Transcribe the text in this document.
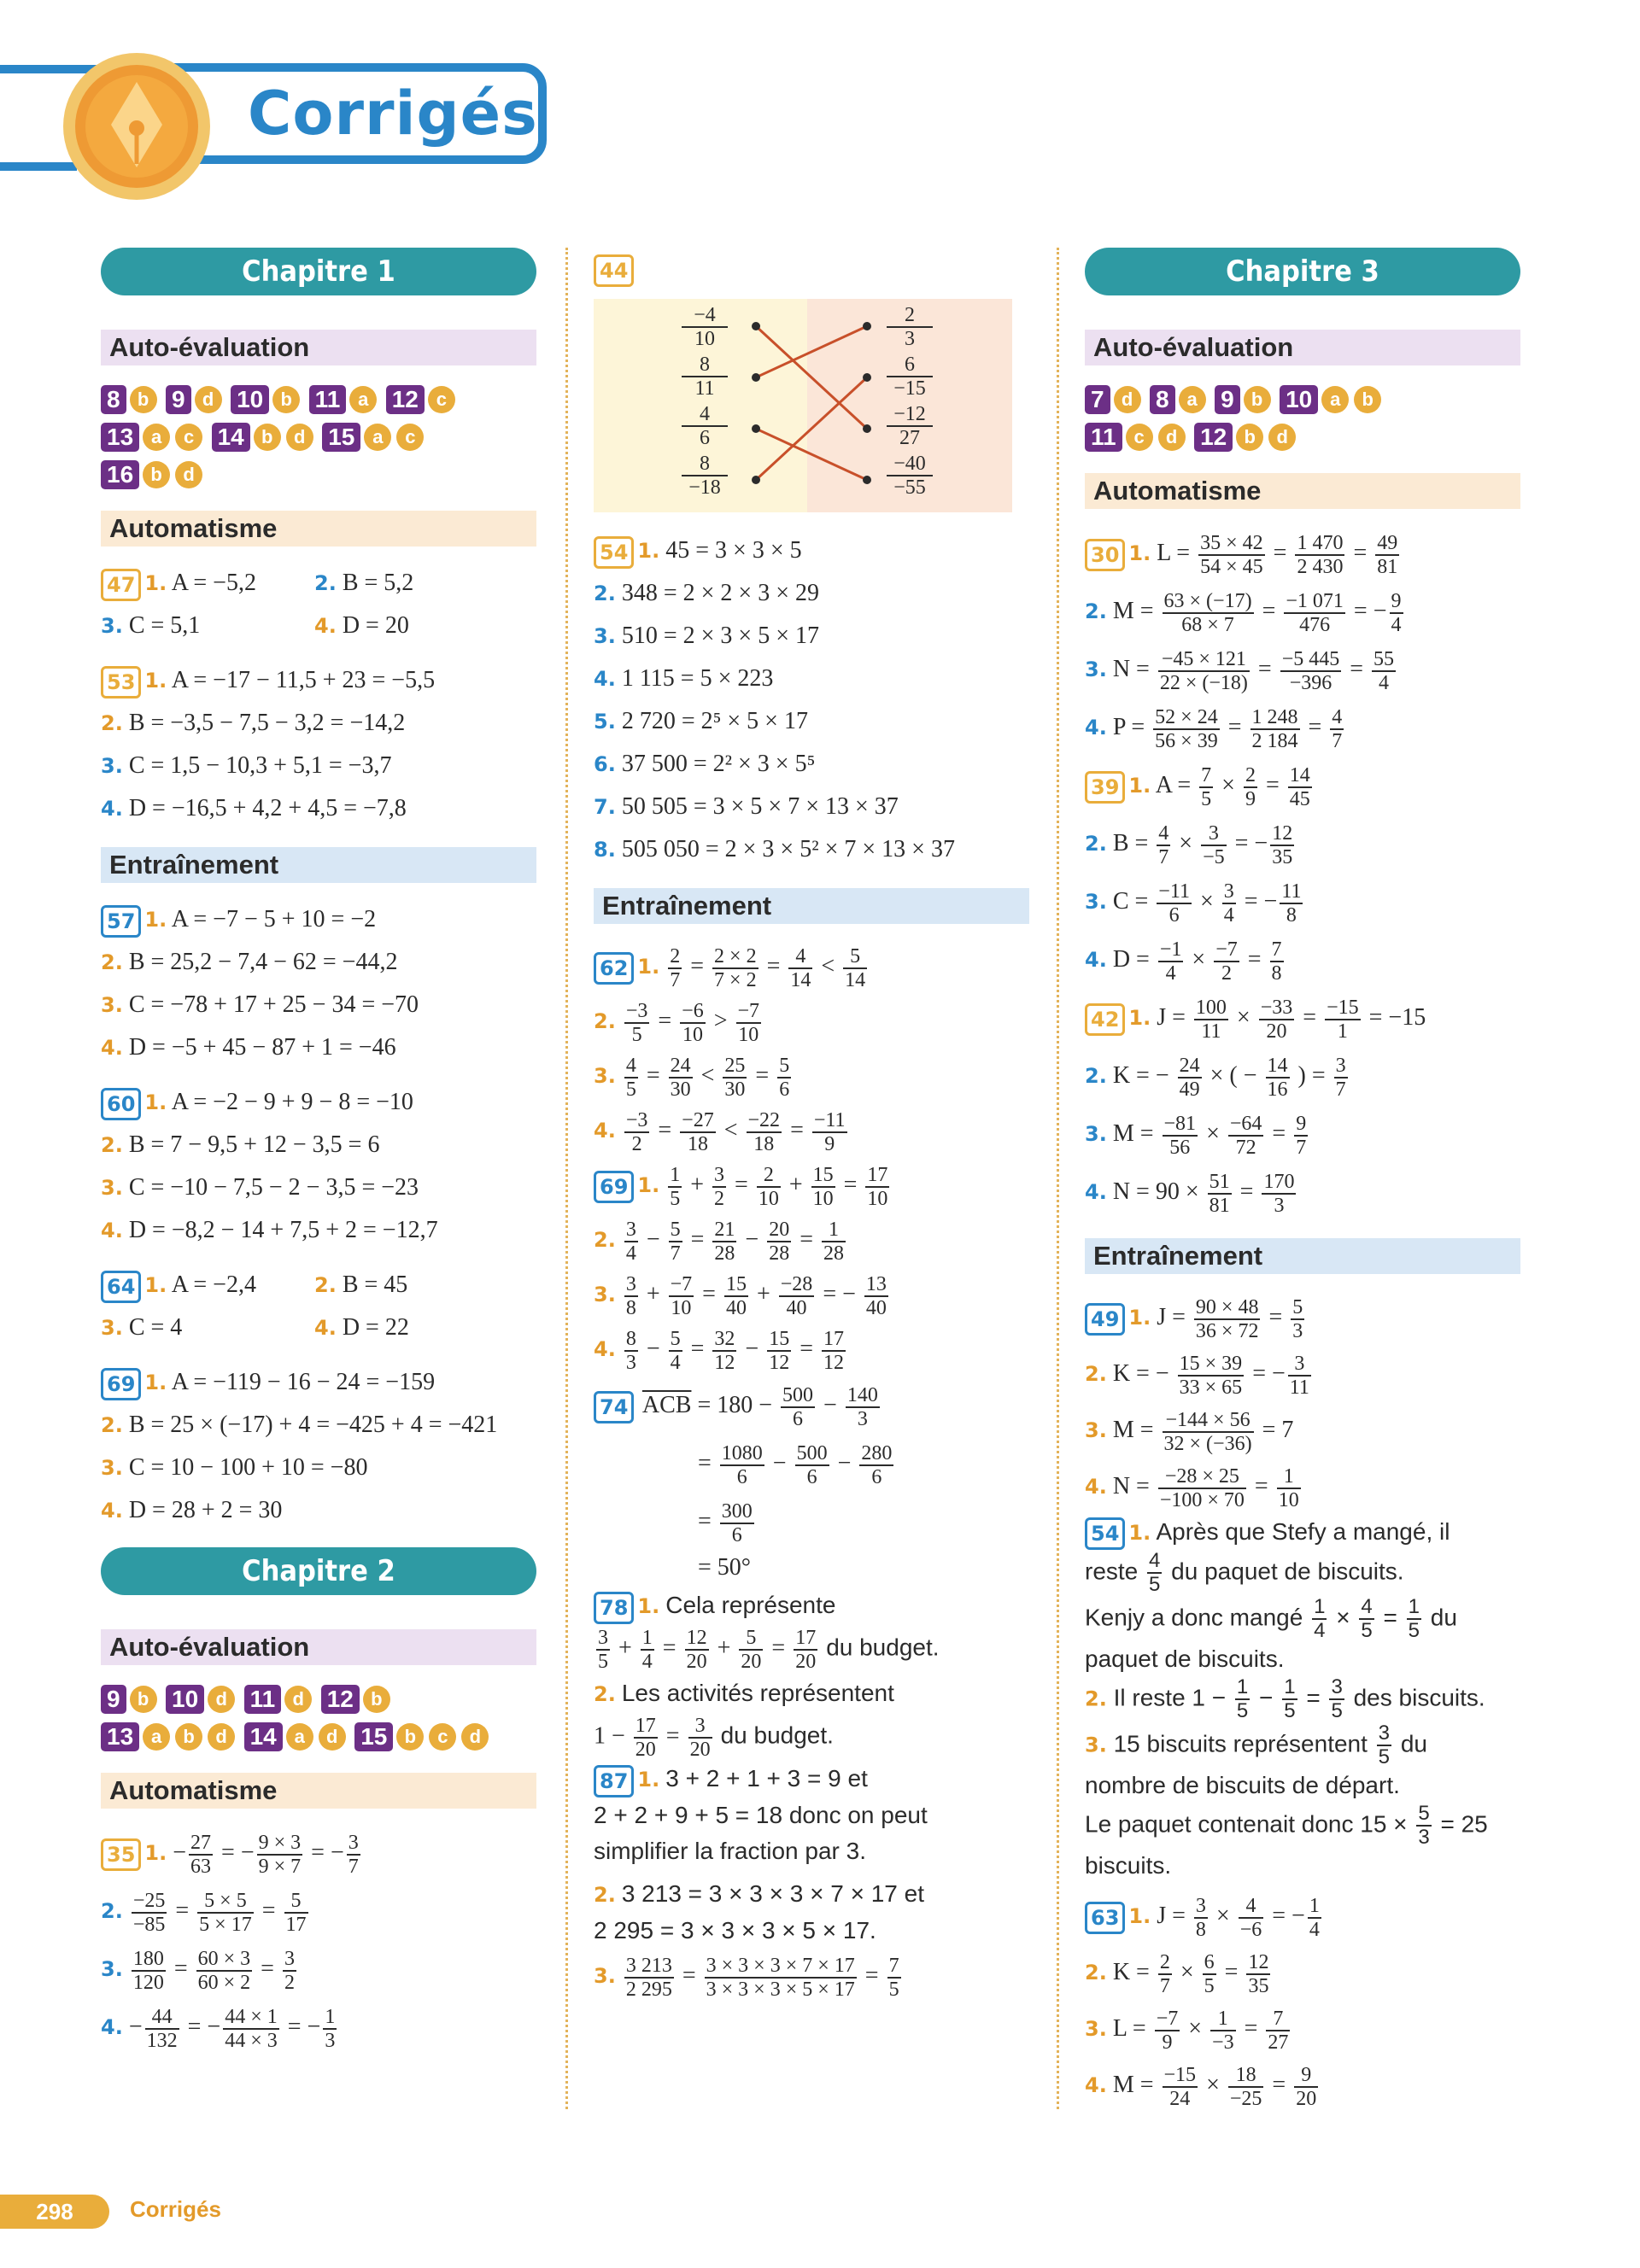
Corrigés
Chapitre 1
Auto-évaluation
8 b 9 d 10 b 11 a 12 c
13 a c 14 b d 15 a c
16 b d
Automatisme
47 1. A = −5,2	2. B = 5,2
3. C = 5,1	4. D = 20
53 1. A = −17 − 11,5 + 23 = −5,5
2. B = −3,5 − 7,5 − 3,2 = −14,2
3. C = 1,5 − 10,3 + 5,1 = −3,7
4. D = −16,5 + 4,2 + 4,5 = −7,8
Entraînement
57 1. A = −7 − 5 + 10 = −2
2. B = 25,2 − 7,4 − 62 = −44,2
3. C = −78 + 17 + 25 − 34 = −70
4. D = −5 + 45 − 87 + 1 = −46
60 1. A = −2 − 9 + 9 − 8 = −10
2. B = 7 − 9,5 + 12 − 3,5 = 6
3. C = −10 − 7,5 − 2 − 3,5 = −23
4. D = −8,2 − 14 + 7,5 + 2 = −12,7
64 1. A = −2,4	2. B = 45
3. C = 4	4. D = 22
69 1. A = −119 − 16 − 24 = −159
2. B = 25 × (−17) + 4 = −425 + 4 = −421
3. C = 10 − 100 + 10 = −80
4. D = 28 + 2 = 30
Chapitre 2
Auto-évaluation
9 b 10 d 11 d 12 b
13 a b d 14 a d 15 b c d
Automatisme
35 1. − $\frac{27}{63}$ = − $\frac{9 \times 3}{9 \times 7}$ = − $\frac{3}{7}$
2. $\frac{-25}{-85} = \frac{5 \times 5}{5 \times 17} = \frac{5}{17}$
3. $\frac{180}{120} = \frac{60 \times 3}{60 \times 2} = \frac{3}{2}$
4. − $\frac{44}{132}$ = − $\frac{44 \times 1}{44 \times 3}$ = − $\frac{1}{3}$
44
−4
10
8
11
4
6
8
−18
2
3
6
−15
−12
27
−40
−55
54 1. 45 = 3 × 3 × 5
2. 348 = 2 × 2 × 3 × 29
3. 510 = 2 × 3 × 5 × 17
4. 1 115 = 5 × 223
5. 2 720 = 2⁵ × 5 × 17
6. 37 500 = 2² × 3 × 5⁵
7. 50 505 = 3 × 5 × 7 × 13 × 37
8. 505 050 = 2 × 3 × 5² × 7 × 13 × 37
Entraînement
62 1. $\frac{2}{7} = \frac{2 \times 2}{7 \times 2} = \frac{4}{14} < \frac{5}{14}$
2. $\frac{-3}{5} = \frac{-6}{10} > \frac{-7}{10}$
3. $\frac{4}{5} = \frac{24}{30} < \frac{25}{30} = \frac{5}{6}$
4. $\frac{-3}{2} = \frac{-27}{18} < \frac{-22}{18} = \frac{-11}{9}$
69 1. $\frac{1}{5} + \frac{3}{2} = \frac{2}{10} + \frac{15}{10} = \frac{17}{10}$
2. $\frac{3}{4} - \frac{5}{7} = \frac{21}{28} - \frac{20}{28} = \frac{1}{28}$
3. $\frac{3}{8} + \frac{-7}{10} = \frac{15}{40} + \frac{-28}{40}$ = − $\frac{13}{40}$
4. $\frac{8}{3} - \frac{5}{4} = \frac{32}{12} - \frac{15}{12} = \frac{17}{12}$
74 $\overline{ACB} = 180 - \frac{500}{6} - \frac{140}{3}$
= $\frac{1080}{6} - \frac{500}{6} - \frac{280}{6}$
= $\frac{300}{6}$
= 50°
78 1. Cela représente
$\frac{3}{5} + \frac{1}{4} = \frac{12}{20} + \frac{5}{20} = \frac{17}{20}$ du budget.
2. Les activités représentent
$1 - \frac{17}{20} = \frac{3}{20}$ du budget.
87 1. 3 + 2 + 1 + 3 = 9 et
2 + 2 + 9 + 5 = 18 donc on peut
simplifier la fraction par 3.
2. 3 213 = 3 × 3 × 3 × 7 × 17 et
2 295 = 3 × 3 × 3 × 5 × 17.
3. $\frac{3 213}{2 295} = \frac{3 \times 3 \times 3 \times 7 \times 17}{3 \times 3 \times 3 \times 5 \times 17} = \frac{7}{5}$
Chapitre 3
Auto-évaluation
7 d 8 a 9 b 10 a b
11 c d 12 b d
Automatisme
30 1. $L = \frac{35 \times 42}{54 \times 45} = \frac{1 470}{2 430} = \frac{49}{81}$
2. $M = \frac{63 \times (-17)}{68 \times 7} = \frac{-1 071}{476}$ = − $\frac{9}{4}$
3. $N = \frac{-45 \times 121}{22 \times (-18)} = \frac{-5 445}{-396} = \frac{55}{4}$
4. $P = \frac{52 \times 24}{56 \times 39} = \frac{1 248}{2 184} = \frac{4}{7}$
39 1. $A = \frac{7}{5} \times \frac{2}{9} = \frac{14}{45}$
2. $B = \frac{4}{7} \times \frac{3}{-5}$ = − $\frac{12}{35}$
3. $C = \frac{-11}{6} \times \frac{3}{4}$ = − $\frac{11}{8}$
4. $D = \frac{-1}{4} \times \frac{-7}{2} = \frac{7}{8}$
42 1. $J = \frac{100}{11} \times \frac{-33}{20} = \frac{-15}{1} = -15$
2. K = − $\frac{24}{49}$ × ( − $\frac{14}{16}$ ) = $\frac{3}{7}$
3. $M = \frac{-81}{56} \times \frac{-64}{72} = \frac{9}{7}$
4. $N = 90 \times \frac{51}{81} = \frac{170}{3}$
Entraînement
49 1. $J = \frac{90 \times 48}{36 \times 72} = \frac{5}{3}$
2. K = − $\frac{15 \times 39}{33 \times 65}$ = − $\frac{3}{11}$
3. $M = \frac{-144 \times 56}{32 \times (-36)} = 7$
4. $N = \frac{-28 \times 25}{-100 \times 70} = \frac{1}{10}$
54 1. Après que Stefy a mangé, il
reste $\frac{4}{5}$ du paquet de biscuits.
Kenjy a donc mangé $\frac{1}{4} \times \frac{4}{5} = \frac{1}{5}$ du
paquet de biscuits.
2. Il reste $1 - \frac{1}{5} - \frac{1}{5} = \frac{3}{5}$ des biscuits.
3. 15 biscuits représentent $\frac{3}{5}$ du
nombre de biscuits de départ.
Le paquet contenait donc $15 \times \frac{5}{3} = 25$
biscuits.
63 1. $J = \frac{3}{8} \times \frac{4}{-6}$ = − $\frac{1}{4}$
2. $K = \frac{2}{7} \times \frac{6}{5} = \frac{12}{35}$
3. $L = \frac{-7}{9} \times \frac{1}{-3} = \frac{7}{27}$
4. $M = \frac{-15}{24} \times \frac{18}{-25} = \frac{9}{20}$
298	Corrigés
